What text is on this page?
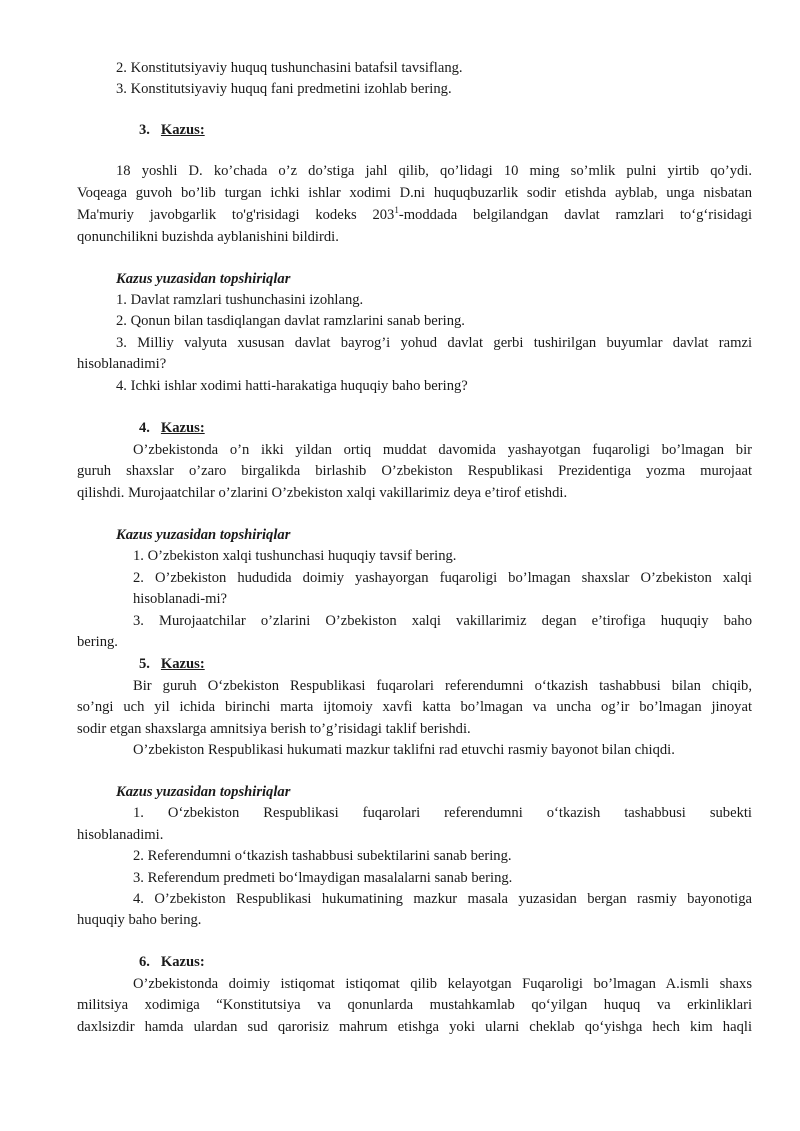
2. Konstitutsiyaviy huquq tushunchasini batafsil tavsiflang.
3. Konstitutsiyaviy huquq fani predmetini izohlab bering.
3. Kazus:
18 yoshli D. ko’chada o’z do’stiga jahl qilib, qo’lidagi 10 ming so’mlik pulni yirtib qo’ydi.
Voqeaga guvoh bo’lib turgan ichki ishlar xodimi D.ni huquqbuzarlik sodir etishda ayblab, unga nisbatan
Ma'muriy javobgarlik to'g'risidagi kodeks $203^1$-moddada belgilandgan davlat ramzlari to‘g‘risidagi
qonunchilikni buzishda ayblanishini bildirdi.
Kazus yuzasidan topshiriqlar
1. Davlat ramzlari tushunchasini izohlang.
2. Qonun bilan tasdiqlangan davlat ramzlarini sanab bering.
3. Milliy valyuta xususan davlat bayrog’i yohud davlat gerbi tushirilgan buyumlar davlat ramzi
hisoblanadimi?
4. Ichki ishlar xodimi hatti-harakatiga huquqiy baho bering?
4. Kazus:
O’zbekistonda o’n ikki yildan ortiq muddat davomida yashayotgan fuqaroligi bo’lmagan bir
guruh shaxslar o’zaro birgalikda birlashib O’zbekiston Respublikasi Prezidentiga yozma murojaat
qilishdi. Murojaatchilar o’zlarini O’zbekiston xalqi vakillarimiz deya e’tirof etishdi.
Kazus yuzasidan topshiriqlar
1. O’zbekiston xalqi tushunchasi huquqiy tavsif bering.
2. O’zbekiston hududida doimiy yashayorgan fuqaroligi bo’lmagan shaxslar O’zbekiston xalqi
hisoblanadi-mi?
3. Murojaatchilar o’zlarini O’zbekiston xalqi vakillarimiz degan e’tirofiga huquqiy baho
bering.
5. Kazus:
Bir guruh O‘zbekiston Respublikasi fuqarolari referendumni o‘tkazish tashabbusi bilan chiqib,
so’ngi uch yil ichida birinchi marta ijtomoiy xavfi katta bo’lmagan va uncha og’ir bo’lmagan jinoyat
sodir etgan shaxslarga amnitsiya berish to’g’risidagi taklif berishdi.
O’zbekiston Respublikasi hukumati mazkur taklifni rad etuvchi rasmiy bayonot bilan chiqdi.
Kazus yuzasidan topshiriqlar
1. O‘zbekiston Respublikasi fuqarolari referendumni o‘tkazish tashabbusi subekti
hisoblanadimi.
2. Referendumni o‘tkazish tashabbusi subektilarini sanab bering.
3. Referendum predmeti bo‘lmaydigan masalalarni sanab bering.
4. O’zbekiston Respublikasi hukumatining mazkur masala yuzasidan bergan rasmiy bayonotiga
huquqiy baho bering.
6. Kazus:
O’zbekistonda doimiy istiqomat istiqomat qilib kelayotgan Fuqaroligi bo’lmagan A.ismli shaxs
militsiya xodimiga “Konstitutsiya va qonunlarda mustahkamlab qo‘yilgan huquq va erkinliklari
daxlsizdir hamda ulardan sud qarorisiz mahrum etishga yoki ularni cheklab qo‘yishga hech kim haqli
